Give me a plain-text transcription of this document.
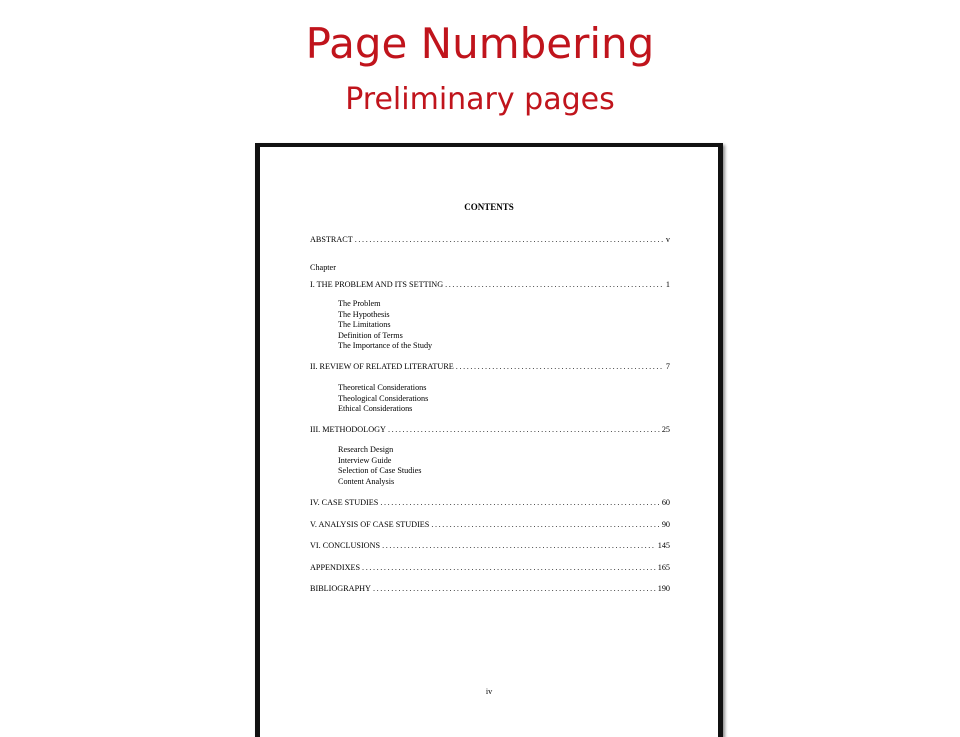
Page Numbering
Preliminary pages
CONTENTS
ABSTRACT .....	v
Chapter
I. THE PROBLEM AND ITS SETTING .....	1
The Problem
The Hypothesis
The Limitations
Definition of Terms
The Importance of the Study
II. REVIEW OF RELATED LITERATURE .....	7
Theoretical Considerations
Theological Considerations
Ethical Considerations
III. METHODOLOGY .....	25
Research Design
Interview Guide
Selection of Case Studies
Content Analysis
IV. CASE STUDIES .....	60
V. ANALYSIS OF CASE STUDIES .....	90
VI. CONCLUSIONS .....	145
APPENDIXES .....	165
BIBLIOGRAPHY .....	190
iv
